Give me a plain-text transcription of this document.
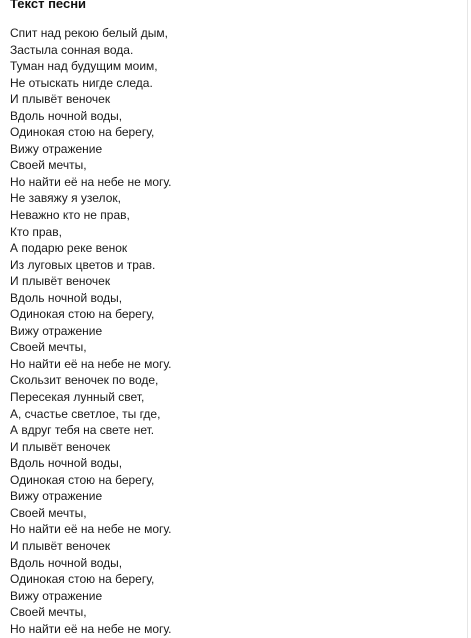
Текст песни
Спит над рекою белый дым,
Застыла сонная вода.
Туман над будущим моим,
Не отыскать нигде следа.
И плывёт веночек
Вдоль ночной воды,
Одинокая стою на берегу,
Вижу отражение
Своей мечты,
Но найти её на небе не могу.
Не завяжу я узелок,
Неважно кто не прав,
Кто прав,
А подарю реке венок
Из луговых цветов и трав.
И плывёт веночек
Вдоль ночной воды,
Одинокая стою на берегу,
Вижу отражение
Своей мечты,
Но найти её на небе не могу.
Скользит веночек по воде,
Пересекая лунный свет,
А, счастье светлое, ты где,
А вдруг тебя на свете нет.
И плывёт веночек
Вдоль ночной воды,
Одинокая стою на берегу,
Вижу отражение
Своей мечты,
Но найти её на небе не могу.
И плывёт веночек
Вдоль ночной воды,
Одинокая стою на берегу,
Вижу отражение
Своей мечты,
Но найти её на небе не могу.
